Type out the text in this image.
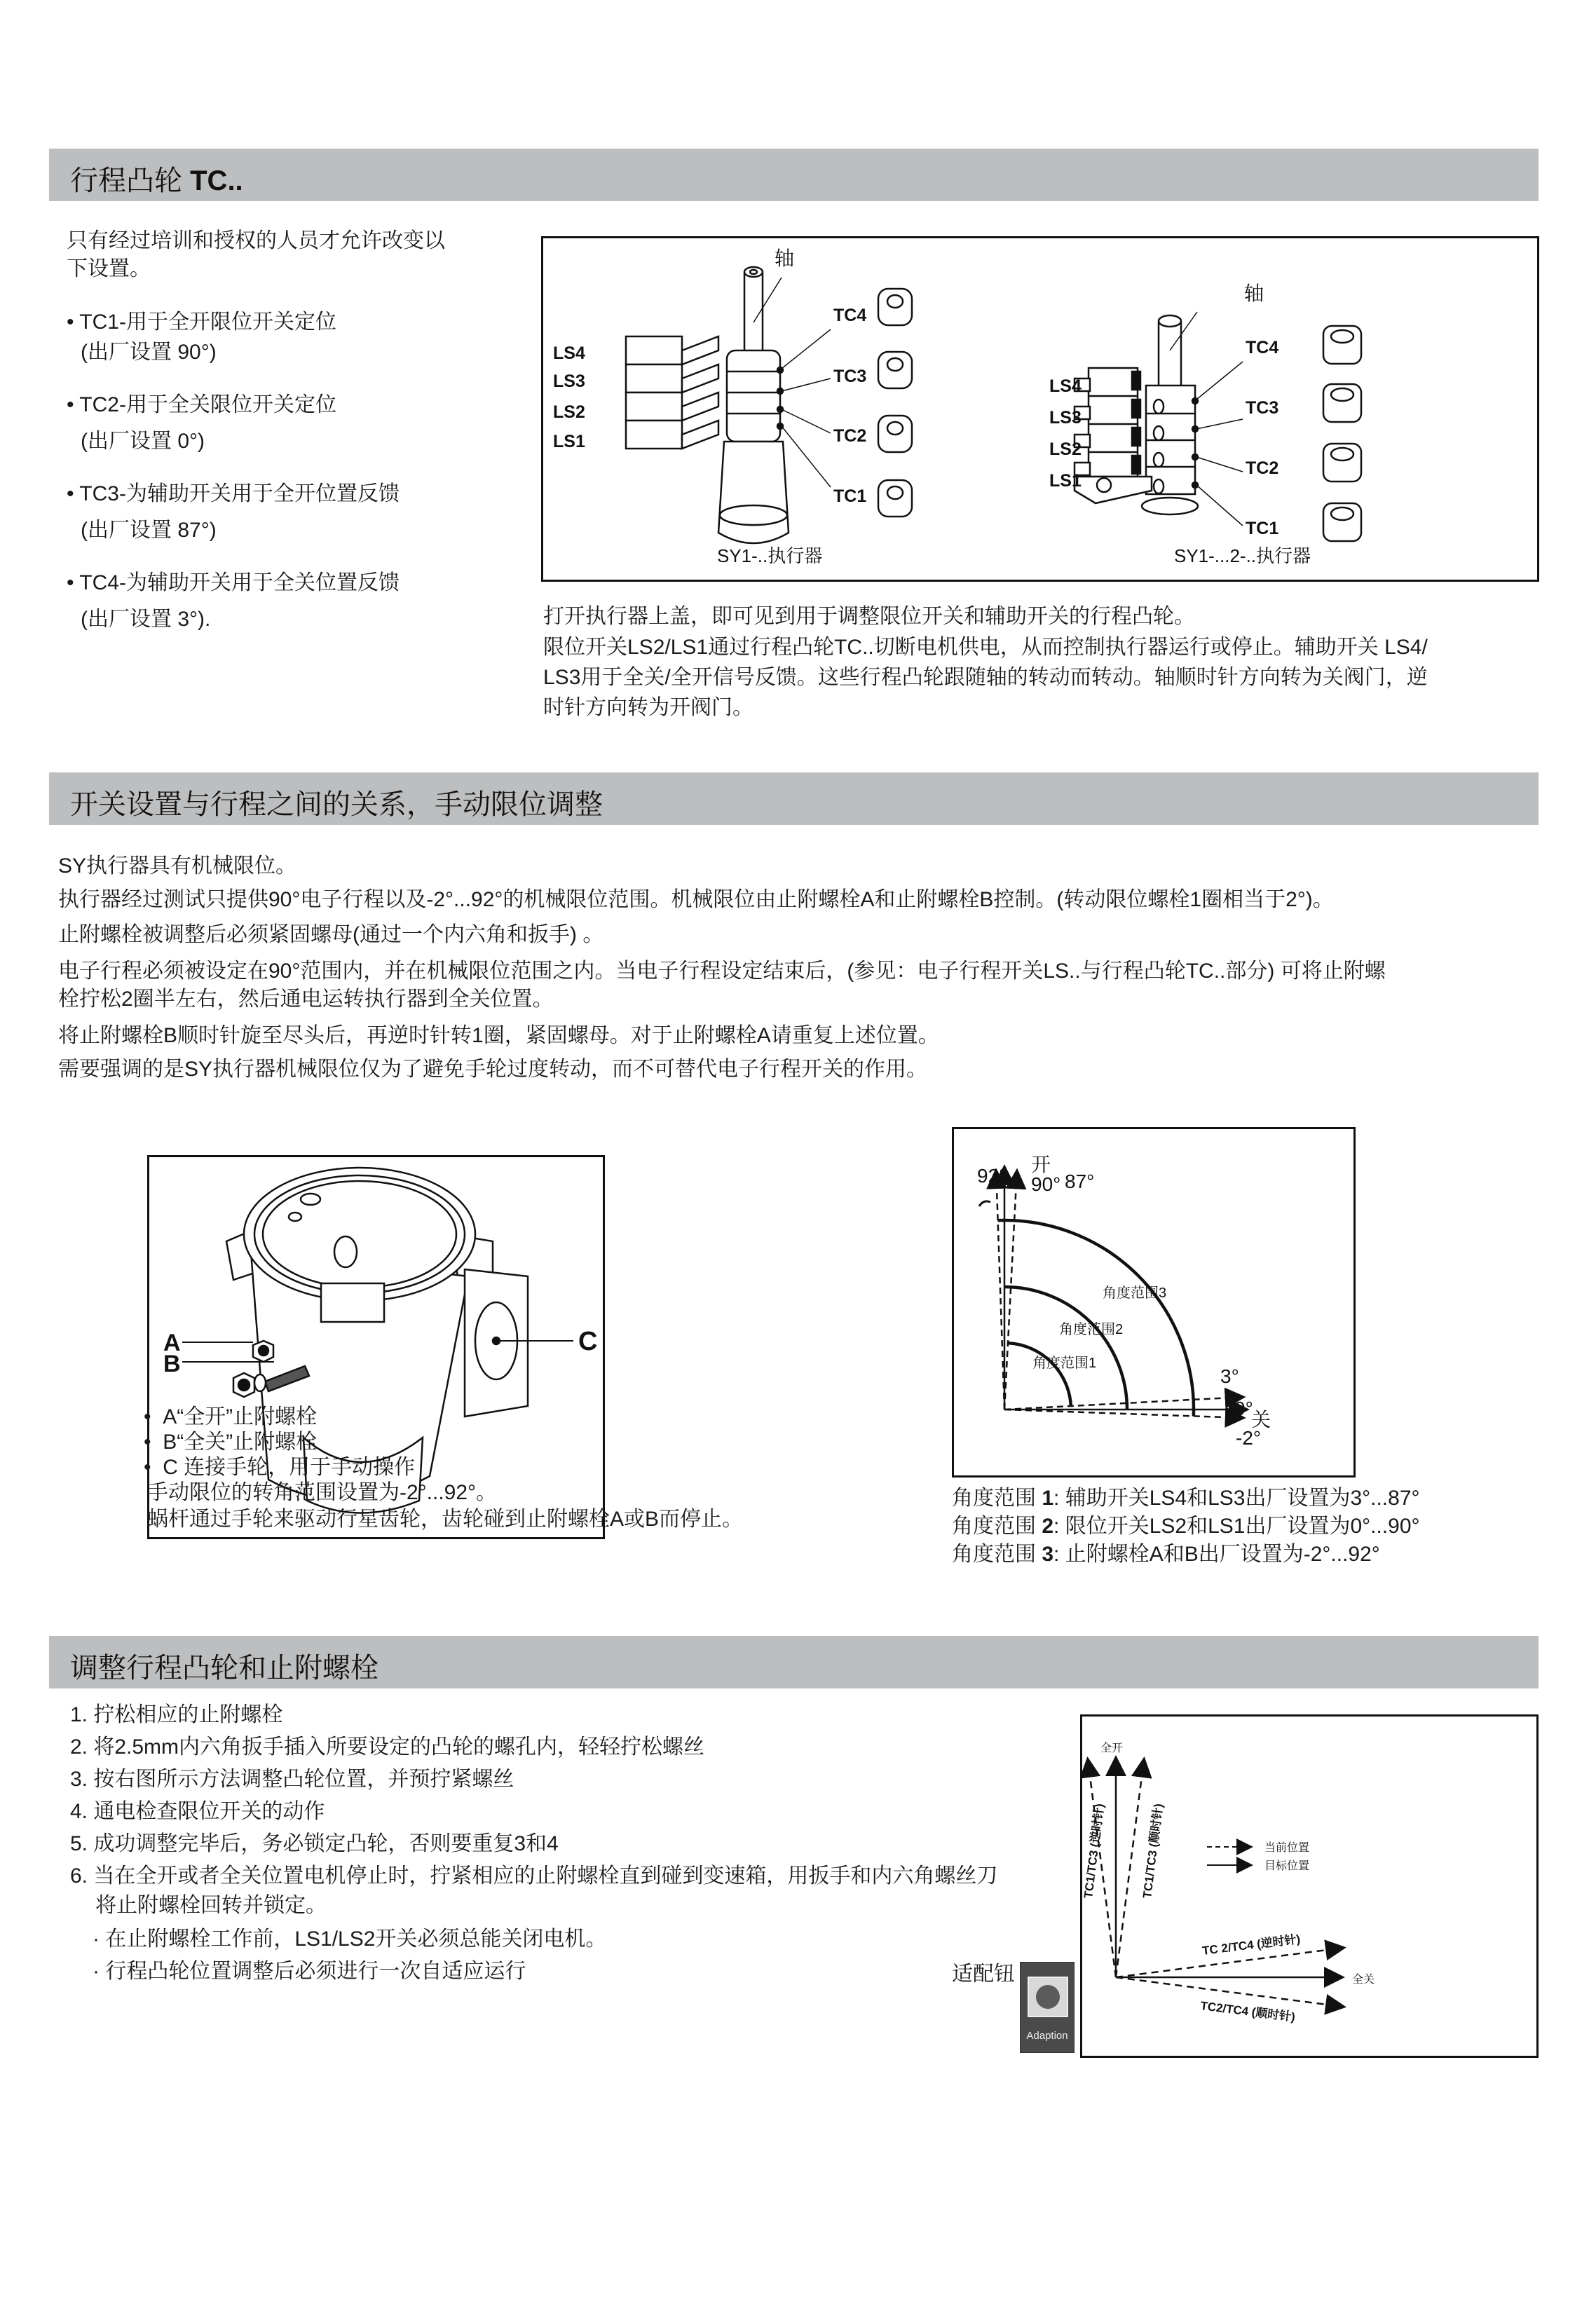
行程凸轮 TC..
只有经过培训和授权的人员才允许改变以
下设置。
• TC1-用于全开限位开关定位
(出厂设置 90°)
• TC2-用于全关限位开关定位
(出厂设置 0°)
• TC3-为辅助开关用于全开位置反馈
(出厂设置 87°)
• TC4-为辅助开关用于全关位置反馈
(出厂设置 3°).
轴
LS4
LS3
LS2
LS1
TC4
TC3
TC2
TC1
SY1-..执行器
轴
LS4
LS3
LS2
LS1
TC4
TC3
TC2
TC1
SY1-...2-..执行器
打开执行器上盖，即可见到用于调整限位开关和辅助开关的行程凸轮。
限位开关LS2/LS1通过行程凸轮TC..切断电机供电，从而控制执行器运行或停止。辅助开关 LS4/
LS3用于全关/全开信号反馈。这些行程凸轮跟随轴的转动而转动。轴顺时针方向转为关阀门，逆
时针方向转为开阀门。
开关设置与行程之间的关系，手动限位调整
SY执行器具有机械限位。
执行器经过测试只提供90°电子行程以及-2°...92°的机械限位范围。机械限位由止附螺栓A和止附螺栓B控制。(转动限位螺栓1圈相当于2°)。
止附螺栓被调整后必须紧固螺母(通过一个内六角和扳手) 。
电子行程必须被设定在90°范围内，并在机械限位范围之内。当电子行程设定结束后，(参见：电子行程开关LS..与行程凸轮TC..部分) 可将止附螺
栓拧松2圈半左右，然后通电运转执行器到全关位置。
将止附螺栓B顺时针旋至尽头后，再逆时针转1圈，紧固螺母。对于止附螺栓A请重复上述位置。
需要强调的是SY执行器机械限位仅为了避免手轮过度转动，而不可替代电子行程开关的作用。
A
B
C
•  A“全开”止附螺栓
•  B“全关”止附螺栓
•  C 连接手轮，用于手动操作
手动限位的转角范围设置为-2°...92°。
蜗杆通过手轮来驱动行星齿轮，齿轮碰到止附螺栓A或B而停止。
92°
开
90° 87°
3°
0°
关
-2°
角度范围1
角度范围2
角度范围3
角度范围 1: 辅助开关LS4和LS3出厂设置为3°...87°
角度范围 2: 限位开关LS2和LS1出厂设置为0°...90°
角度范围 3: 止附螺栓A和B出厂设置为-2°...92°
调整行程凸轮和止附螺栓
1. 拧松相应的止附螺栓
2. 将2.5mm内六角扳手插入所要设定的凸轮的螺孔内，轻轻拧松螺丝
3. 按右图所示方法调整凸轮位置，并预拧紧螺丝
4. 通电检查限位开关的动作
5. 成功调整完毕后，务必锁定凸轮，否则要重复3和4
6. 当在全开或者全关位置电机停止时，拧紧相应的止附螺栓直到碰到变速箱，用扳手和内六角螺丝刀
将止附螺栓回转并锁定。
· 在止附螺栓工作前，LS1/LS2开关必须总能关闭电机。
· 行程凸轮位置调整后必须进行一次自适应运行	适配钮
Adaption
全开
全关
TC1/TC3 (逆时针)	TC1/TC3 (顺时针)
TC 2/TC4 (逆时针)
TC2/TC4 (顺时针)
当前位置
目标位置
